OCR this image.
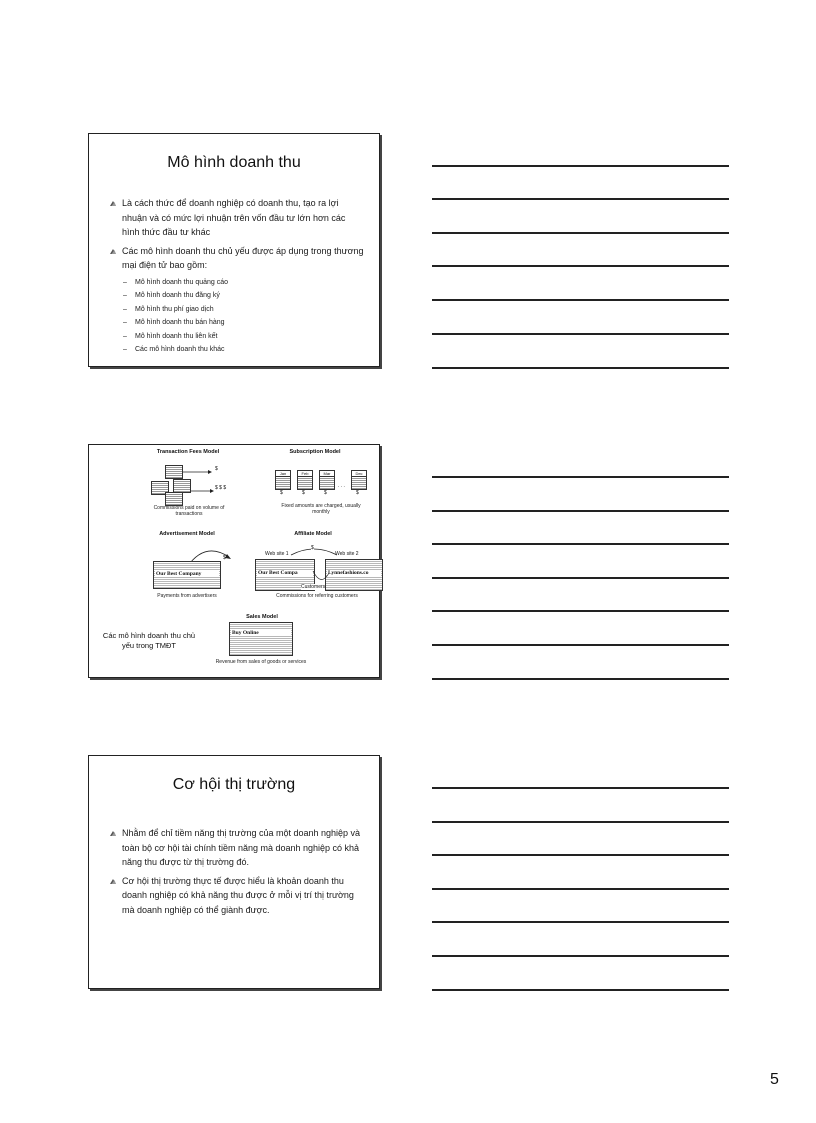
Mô hình doanh thu
Là cách thức để doanh nghiệp có doanh thu, tạo ra lợi nhuận và có mức lợi nhuận trên vốn đầu tư lớn hơn các hình thức đầu tư khác
Các mô hình doanh thu chủ yếu được áp dụng trong thương mại điện tử bao gồm:
– Mô hình doanh thu quảng cáo
– Mô hình doanh thu đăng ký
– Mô hình thu phí giao dịch
– Mô hình doanh thu bán hàng
– Mô hình doanh thu liên kết
– Các mô hình doanh thu khác
Transaction Fees Model
$
$ $ $
Commissions paid on volume of transactions
Subscription Model
Jan	Feb	Mar
. . .
Dec
$	$	$	$
Fixed amounts are charged, usually monthly
Advertisement Model
$
Our Best Company
Payments from advertisers
Affiliate Model
Web site 1	Web site 2
$
Our Best Compa	Lynnefashions.co
Customers
Commissions for referring customers
Sales Model
Buy Online
Revenue from sales of goods or services
Các mô hình doanh thu chủ yếu trong TMĐT
Cơ hội thị trường
Nhằm để chỉ tiềm năng thị trường của một doanh nghiệp và toàn bộ cơ hội tài chính tiềm năng mà doanh nghiệp có khả năng thu được từ thị trường đó.
Cơ hội thị trường thực tế được hiểu là khoản doanh thu doanh nghiệp có khả năng thu được ở mỗi vị trí thị trường mà doanh nghiệp có thể giành được.
5
